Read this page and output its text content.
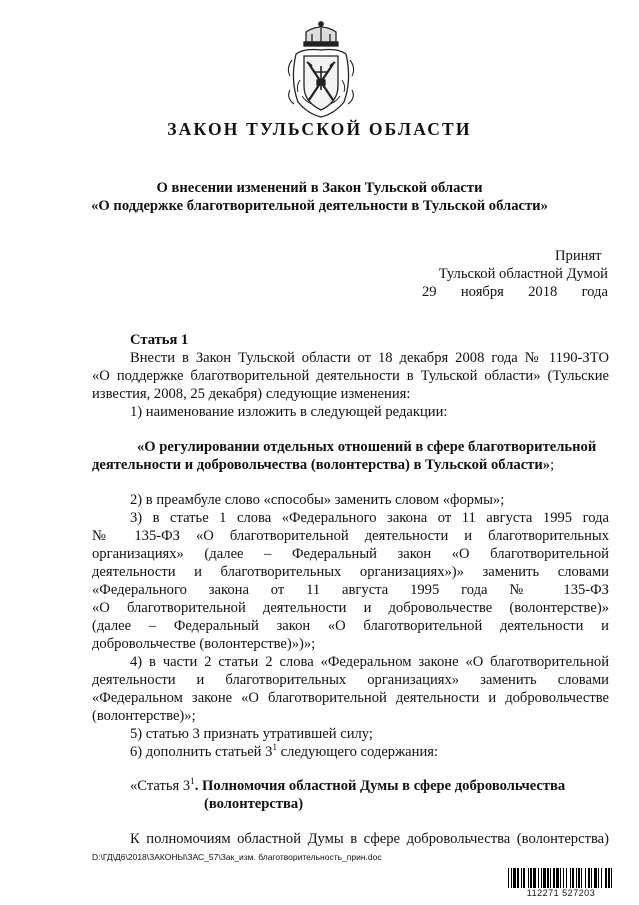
ЗАКОН ТУЛЬСКОЙ ОБЛАСТИ
О внесении изменений в Закон Тульской области
«О поддержке благотворительной деятельности в Тульской области»
Принят
Тульской областной Думой
29 ноября 2018 года
Статья 1
Внести в Закон Тульской области от 18 декабря 2008 года № 1190-ЗТО
«О поддержке благотворительной деятельности в Тульской области» (Тульские
известия, 2008, 25 декабря) следующие изменения:
1) наименование изложить в следующей редакции:
«О регулировании отдельных отношений в сфере благотворительной
деятельности и добровольчества (волонтерства) в Тульской области»;
2) в преамбуле слово «способы» заменить словом «формы»;
3) в статье 1 слова «Федерального закона от 11 августа 1995 года
№ 135-ФЗ «О благотворительной деятельности и благотворительных
организациях» (далее – Федеральный закон «О благотворительной
деятельности и благотворительных организациях»)» заменить словами
«Федерального закона от 11 августа 1995 года № 135-ФЗ
«О благотворительной деятельности и добровольчестве (волонтерстве)»
(далее – Федеральный закон «О благотворительной деятельности и
добровольчестве (волонтерстве)»)»;
4) в части 2 статьи 2 слова «Федеральном законе «О благотворительной
деятельности и благотворительных организациях» заменить словами
«Федеральном законе «О благотворительной деятельности и добровольчестве
(волонтерстве)»;
5) статью 3 признать утратившей силу;
6) дополнить статьей $3^1$ следующего содержания:
«Статья $3^1$. Полномочия областной Думы в сфере добровольчества
(волонтерства)
К полномочиям областной Думы в сфере добровольчества (волонтерства)
D:\ГД\Д6\2018\ЗАКОНЫ\ЗАС_57\Зак_изм. благотворительность_прин.doc
112271 527203
